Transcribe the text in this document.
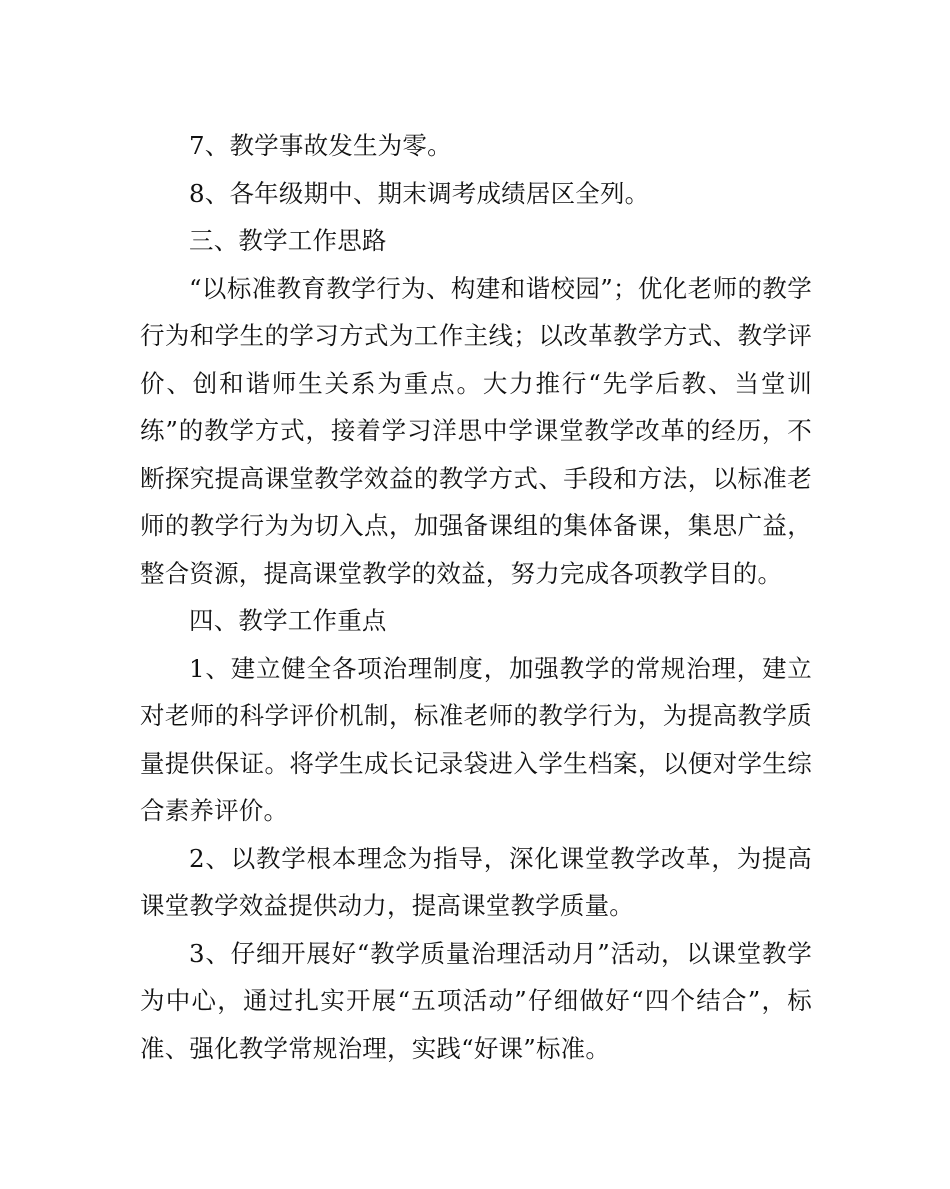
7、教学事故发生为零。

8、各年级期中、期末调考成绩居区全列。

三、教学工作思路

“以标准教育教学行为、构建和谐校园”；优化老师的教学行为和学生的学习方式为工作主线；以改革教学方式、教学评价、创和谐师生关系为重点。大力推行“先学后教、当堂训练”的教学方式，接着学习洋思中学课堂教学改革的经历，不断探究提高课堂教学效益的教学方式、手段和方法，以标准老师的教学行为为切入点，加强备课组的集体备课，集思广益，整合资源，提高课堂教学的效益，努力完成各项教学目的。

四、教学工作重点

1、建立健全各项治理制度，加强教学的常规治理，建立对老师的科学评价机制，标准老师的教学行为，为提高教学质量提供保证。将学生成长记录袋进入学生档案，以便对学生综合素养评价。

2、以教学根本理念为指导，深化课堂教学改革，为提高课堂教学效益提供动力，提高课堂教学质量。

3、仔细开展好“教学质量治理活动月”活动，以课堂教学为中心，通过扎实开展“五项活动”仔细做好“四个结合”，标准、强化教学常规治理，实践“好课”标准。
